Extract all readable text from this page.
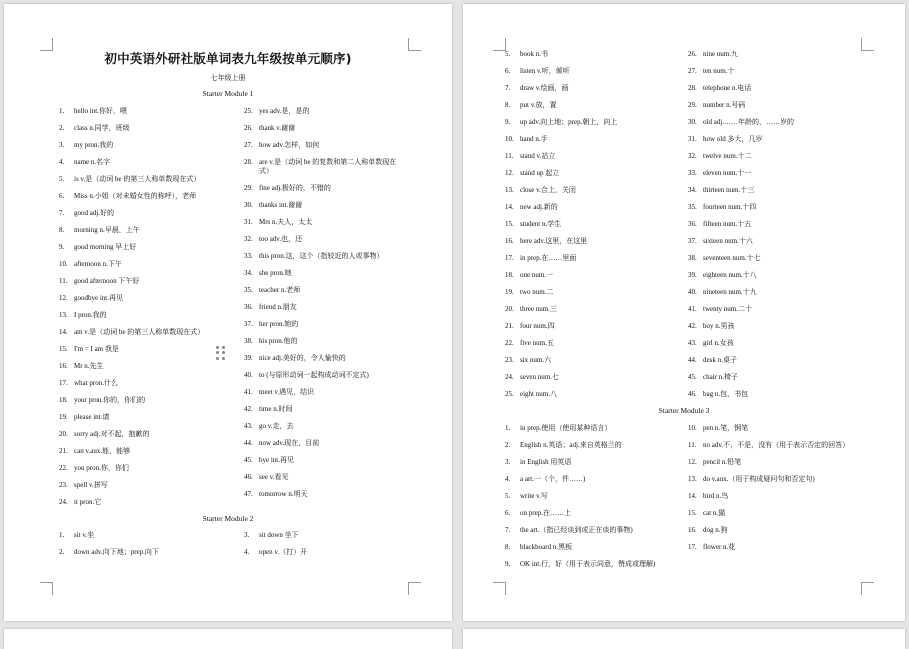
初中英语外研社版单词表九年级按单元顺序)
七年级上册
Starter Module 1
1.	hello int.你好，喂
2.	class n.同学，班级
3.	my pron.我的
4.	name n.名字
5.	is v.是（动词 be 的第三人称单数现在式）
6.	Miss n.小姐（对未婚女性的称呼），老师
7.	good adj.好的
8.	morning n.早晨，上午
9.	good morning 早上好
10. afternoon n.下午
11. good afternoon 下午好
12. goodbye int.再见
13. I pron.我的
14. am v.是（动词 be 的第三人称单数现在式）
15. I'm = I am 我是
16. Mr n.先生
17. what pron.什么
18. your pron.你的，你们的
19. please int.请
20. sorry adj.对不起，抱歉的
21. can v.aux.能，能够
22. you pron.你，你们
23. spell v.拼写
24. it pron.它
25. yes adv.是，是的
26. thank v.谢谢
27. how adv.怎样，如何
28. are v.是（动词 be 的复数和第二人称单数现在式）
29. fine adj.极好的，不错的
30. thanks int.谢谢
31. Mrs n.夫人，太太
32. too adv.也，还
33. this pron.这，这个（指较近的人或事物）
34. she pron.她
35. teacher n.老师
36. friend n.朋友
37. her pron.她的
38. his pron.他的
39. nice adj.美好的，令人愉快的
40. to (与原形动词一起构成动词不定式)
41. meet v.遇见，结识
42. time n.时间
43. go v.走，去
44. now adv.现在，目前
45. bye int.再见
46. see v.看见
47. tomorrow n.明天
Starter Module 2
1.	sit v.坐
2.	down adv.向下地；prep.向下
3.	sit down 坐下
4.	open v.（打）开
5.	book n.书
6.	listen v.听，倾听
7.	draw v.绘画，画
8.	put v.放，置
9.	up adv.向上地；prep.朝上，向上
10. hand n.手
11. stand v.站立
12. stand up 起立
13. close v.合上，关闭
14. new adj.新的
15. student n.学生
16. here adv.这里，在这里
17. in prep.在……里面
18. one num.一
19. two num.二
20. three num.三
21. four num.四
22. five num.五
23. six num.六
24. seven num.七
25. eight num.八
26. nine num.九
27. ten num.十
28. telephone n.电话
29. number n.号码
30. old adj.……年龄的，……岁的
31. how old 多大，几岁
32. twelve num.十二
33. eleven num.十一
34. thirteen num.十三
35. fourteen num.十四
36. fifteen num.十五
37. sixteen num.十六
38. seventeen num.十七
39. eighteen num.十八
40. nineteen num.十九
41. twenty num.二十
42. boy n.男孩
43. girl n.女孩
44. desk n.桌子
45. chair n.椅子
46. bag n.包，书包
Starter Module 3
1.	in prep.使用（使用某种语言）
2.	English n.英语；adj.来自英格兰的
3.	in English 用英语
4.	a art.一（个，件……)
5.	write v.写
6.	on prep.在……上
7.	the art.（指已经谈到或正在谈的事物)
8.	blackboard n.黑板
9.	OK int.行，好（用于表示同意，赞成或理解)
10. pen n.笔，钢笔
11. no adv.不，不是，没有（用于表示否定的回答）
12. pencil n.铅笔
13. do v.aux.（用于构成疑问句和否定句)
14. bird n.鸟
15. cat n.猫
16. dog n.狗
17. flower n.花
